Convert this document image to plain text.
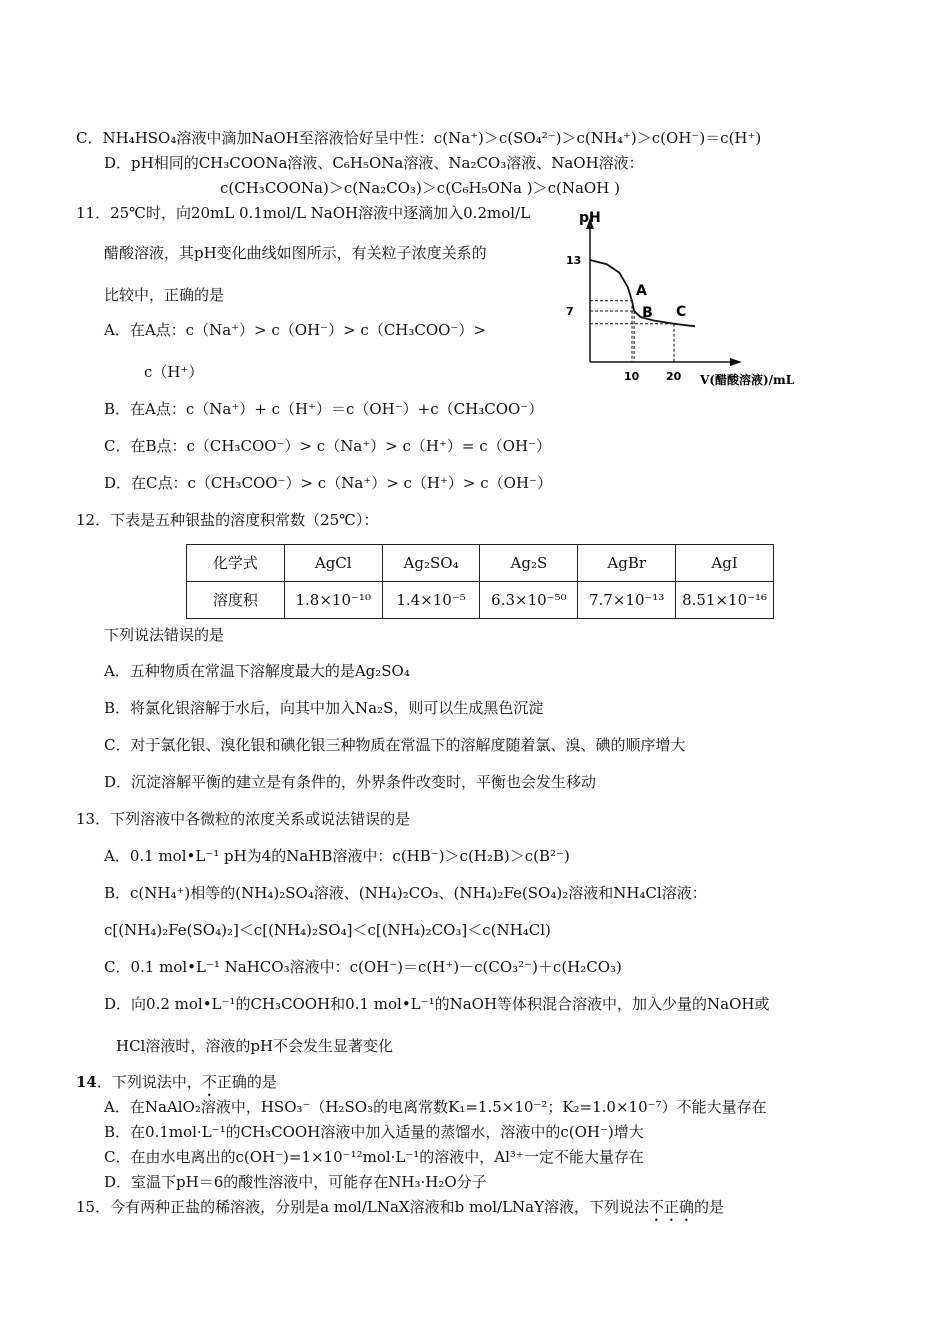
C．NH₄HSO₄溶液中滴加NaOH至溶液恰好呈中性：c(Na⁺)＞c(SO₄²⁻)＞c(NH₄⁺)＞c(OH⁻)＝c(H⁺)
D．pH相同的CH₃COONa溶液、C₆H₅ONa溶液、Na₂CO₃溶液、NaOH溶液：
c(CH₃COONa)＞c(Na₂CO₃)＞c(C₆H₅ONa )＞c(NaOH )
11．25℃时，向20mL 0.1mol/L NaOH溶液中逐滴加入0.2mol/L
醋酸溶液，其pH变化曲线如图所示，有关粒子浓度关系的
比较中，正确的是
A．在A点：c（Na⁺）> c（OH⁻）> c（CH₃COO⁻）>
c（H⁺）
B．在A点：c（Na⁺）+ c（H⁺）＝c（OH⁻）+c（CH₃COO⁻）
C．在B点：c（CH₃COO⁻）> c（Na⁺）> c（H⁺）= c（OH⁻）
D．在C点：c（CH₃COO⁻）> c（Na⁺）> c（H⁺）> c（OH⁻）
pH
V(醋酸溶液)/mL
13
7
10 20
A
B C
12．下表是五种银盐的溶度积常数（25℃）：
化学式	AgCl	Ag₂SO₄	Ag₂S	AgBr	AgI
溶度积	1.8×10⁻¹⁰	1.4×10⁻⁵	6.3×10⁻⁵⁰	7.7×10⁻¹³	8.51×10⁻¹⁶
下列说法错误的是
A．五种物质在常温下溶解度最大的是Ag₂SO₄
B．将氯化银溶解于水后，向其中加入Na₂S，则可以生成黑色沉淀
C．对于氯化银、溴化银和碘化银三种物质在常温下的溶解度随着氯、溴、碘的顺序增大
D．沉淀溶解平衡的建立是有条件的，外界条件改变时，平衡也会发生移动
13．下列溶液中各微粒的浓度关系或说法错误的是
A．0.1 mol•L⁻¹ pH为4的NaHB溶液中：c(HB⁻)＞c(H₂B)＞c(B²⁻)
B．c(NH₄⁺)相等的(NH₄)₂SO₄溶液、(NH₄)₂CO₃、(NH₄)₂Fe(SO₄)₂溶液和NH₄Cl溶液：
c[(NH₄)₂Fe(SO₄)₂]＜c[(NH₄)₂SO₄]＜c[(NH₄)₂CO₃]＜c(NH₄Cl)
C．0.1 mol•L⁻¹ NaHCO₃溶液中：c(OH⁻)＝c(H⁺)－c(CO₃²⁻)＋c(H₂CO₃)
D．向0.2 mol•L⁻¹的CH₃COOH和0.1 mol•L⁻¹的NaOH等体积混合溶液中，加入少量的NaOH或
HCl溶液时，溶液的pH不会发生显著变化
14．下列说法中，不正确的是
A．在NaAlO₂溶液中，HSO₃⁻（H₂SO₃的电离常数K₁=1.5×10⁻²；K₂=1.0×10⁻⁷）不能大量存在
B．在0.1mol·L⁻¹的CH₃COOH溶液中加入适量的蒸馏水，溶液中的c(OH⁻)增大
C．在由水电离出的c(OH⁻)=1×10⁻¹²mol·L⁻¹的溶液中，Al³⁺一定不能大量存在
D．室温下pH＝6的酸性溶液中，可能存在NH₃·H₂O分子
15．今有两种正盐的稀溶液，分别是a mol/LNaX溶液和b mol/LNaY溶液，下列说法不正确的是
